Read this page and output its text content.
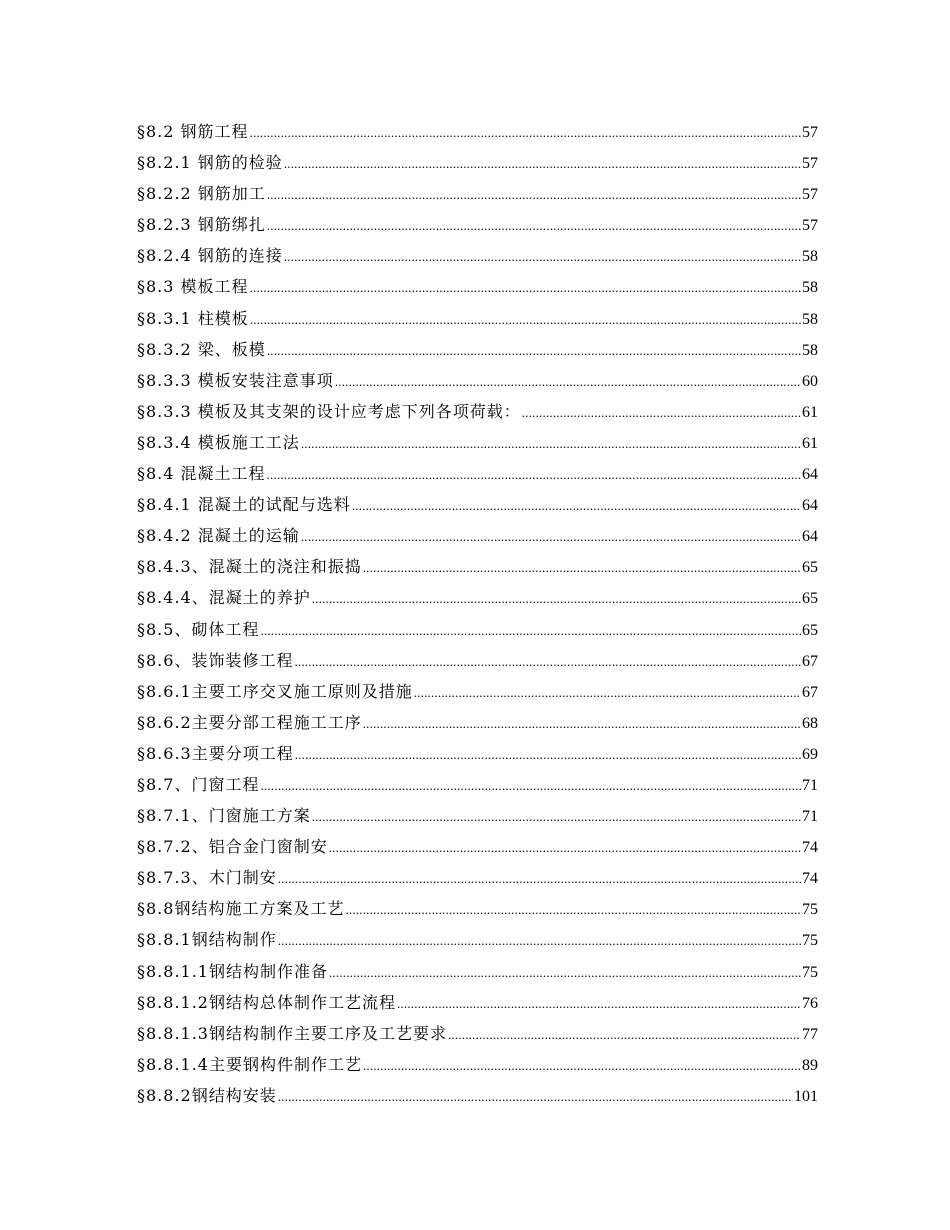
§8.2 钢筋工程 .....	57
§8.2.1 钢筋的检验 .....	57
§8.2.2 钢筋加工 .....	57
§8.2.3 钢筋绑扎 .....	57
§8.2.4 钢筋的连接 .....	58
§8.3 模板工程 .....	58
§8.3.1 柱模板 .....	58
§8.3.2 梁、板模 .....	58
§8.3.3 模板安装注意事项 .....	60
§8.3.3 模板及其支架的设计应考虑下列各项荷载： .....	61
§8.3.4 模板施工工法 .....	61
§8.4 混凝土工程 .....	64
§8.4.1 混凝土的试配与选料 .....	64
§8.4.2 混凝土的运输 .....	64
§8.4.3、混凝土的浇注和振捣 .....	65
§8.4.4、混凝土的养护 .....	65
§8.5、砌体工程 .....	65
§8.6、装饰装修工程 .....	67
§8.6.1主要工序交叉施工原则及措施 .....	67
§8.6.2主要分部工程施工工序 .....	68
§8.6.3主要分项工程 .....	69
§8.7、门窗工程 .....	71
§8.7.1、门窗施工方案 .....	71
§8.7.2、铝合金门窗制安 .....	74
§8.7.3、木门制安 .....	74
§8.8钢结构施工方案及工艺 .....	75
§8.8.1钢结构制作 .....	75
§8.8.1.1钢结构制作准备 .....	75
§8.8.1.2钢结构总体制作工艺流程 .....	76
§8.8.1.3钢结构制作主要工序及工艺要求 .....	77
§8.8.1.4主要钢构件制作工艺 .....	89
§8.8.2钢结构安装 .....	101
